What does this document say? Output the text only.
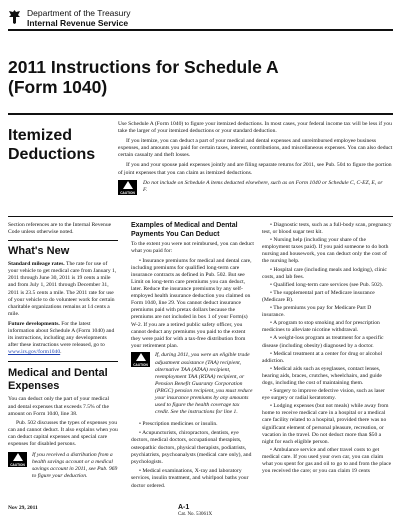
Department of the Treasury
Internal Revenue Service
2011 Instructions for Schedule A
(Form 1040)
Itemized Deductions

Use Schedule A (Form 1040) to figure your itemized deductions. In most cases, your federal income tax will be less if you take the larger of your itemized deductions or your standard deduction.

If you itemize, you can deduct a part of your medical and dental expenses and unreimbursed employee business expenses, and amounts you paid for certain taxes, interest, contributions, and miscellaneous expenses. You can also deduct certain casualty and theft losses.

If you and your spouse paid expenses jointly and are filing separate returns for 2011, see Pub. 504 to figure the portion of joint expenses that you can claim as itemized deductions.

CAUTION

Do not include on Schedule A items deducted elsewhere, such as on Form 1040 or Schedule C, C-EZ, E, or F.

Section references are to the Internal Revenue Code unless otherwise noted.

What's New

Standard mileage rates. The rate for use of your vehicle to get medical care from January 1, 2011 through June 30, 2011 is 19 cents a mile and from July 1, 2011 through December 31, 2011 is 23.5 cents a mile. The 2011 rate for use of your vehicle to do volunteer work for certain charitable organizations remains at 14 cents a mile.

Future developments. For the latest information about Schedule A (Form 1040) and its instructions, including any developments after these instructions were released, go to www.irs.gov/form1040.

Medical and Dental Expenses

You can deduct only the part of your medical and dental expenses that exceeds 7.5% of the amount on Form 1040, line 38.

Pub. 502 discusses the types of expenses you can and cannot deduct. It also explains when you can deduct capital expenses and special care expenses for disabled persons.

CAUTION

If you received a distribution from a health savings account or a medical savings account in 2011, see Pub. 969 to figure your deduction.

Examples of Medical and Dental Payments You Can Deduct

To the extent you were not reimbursed, you can deduct what you paid for:

• Insurance premiums for medical and dental care, including premiums for qualified long-term care insurance contracts as defined in Pub. 502. But see Limit on long-term care premiums you can deduct, later. Reduce the insurance premiums by any self-employed health insurance deduction you claimed on Form 1040, line 29. You cannot deduct insurance premiums paid with pretax dollars because the premiums are not included in box 1 of your Form(s) W-2. If you are a retired public safety officer, you cannot deduct any premiums you paid to the extent they were paid for with a tax-free distribution from your retirement plan.

CAUTION

If, during 2011, you were an eligible trade adjustment assistance (TAA) recipient, alternative TAA (ATAA) recipient, reemployment TAA (RTAA) recipient, or Pension Benefit Guaranty Corporation (PBGC) pension recipient, you must reduce your insurance premiums by any amounts used to figure the health coverage tax credit. See the instructions for line 1.

• Prescription medicines or insulin.

• Acupuncturists, chiropractors, dentists, eye doctors, medical doctors, occupational therapists, osteopathic doctors, physical therapists, podiatrists, psychiatrists, psychoanalysts (medical care only), and psychologists.

• Medical examinations, X-ray and laboratory services, insulin treatment, and whirlpool baths your doctor ordered.

• Diagnostic tests, such as a full-body scan, pregnancy test, or blood sugar test kit.

• Nursing help (including your share of the employment taxes paid). If you paid someone to do both nursing and housework, you can deduct only the cost of the nursing help.

• Hospital care (including meals and lodging), clinic costs, and lab fees.

• Qualified long-term care services (see Pub. 502).

• The supplemental part of Medicare insurance (Medicare B).

• The premiums you pay for Medicare Part D insurance.

• A program to stop smoking and for prescription medicines to alleviate nicotine withdrawal.

• A weight-loss program as treatment for a specific disease (including obesity) diagnosed by a doctor.

• Medical treatment at a center for drug or alcohol addiction.

• Medical aids such as eyeglasses, contact lenses, hearing aids, braces, crutches, wheelchairs, and guide dogs, including the cost of maintaining them.

• Surgery to improve defective vision, such as laser eye surgery or radial keratotomy.

• Lodging expenses (but not meals) while away from home to receive medical care in a hospital or a medical care facility related to a hospital, provided there was no significant element of personal pleasure, recreation, or vacation in the travel. Do not deduct more than $50 a night for each eligible person.

• Ambulance service and other travel costs to get medical care. If you used your own car, you can claim what you spent for gas and oil to go to and from the place you received the care; or you can claim 19 cents

Nov 29, 2011	A-1
Cat. No. 53061X
